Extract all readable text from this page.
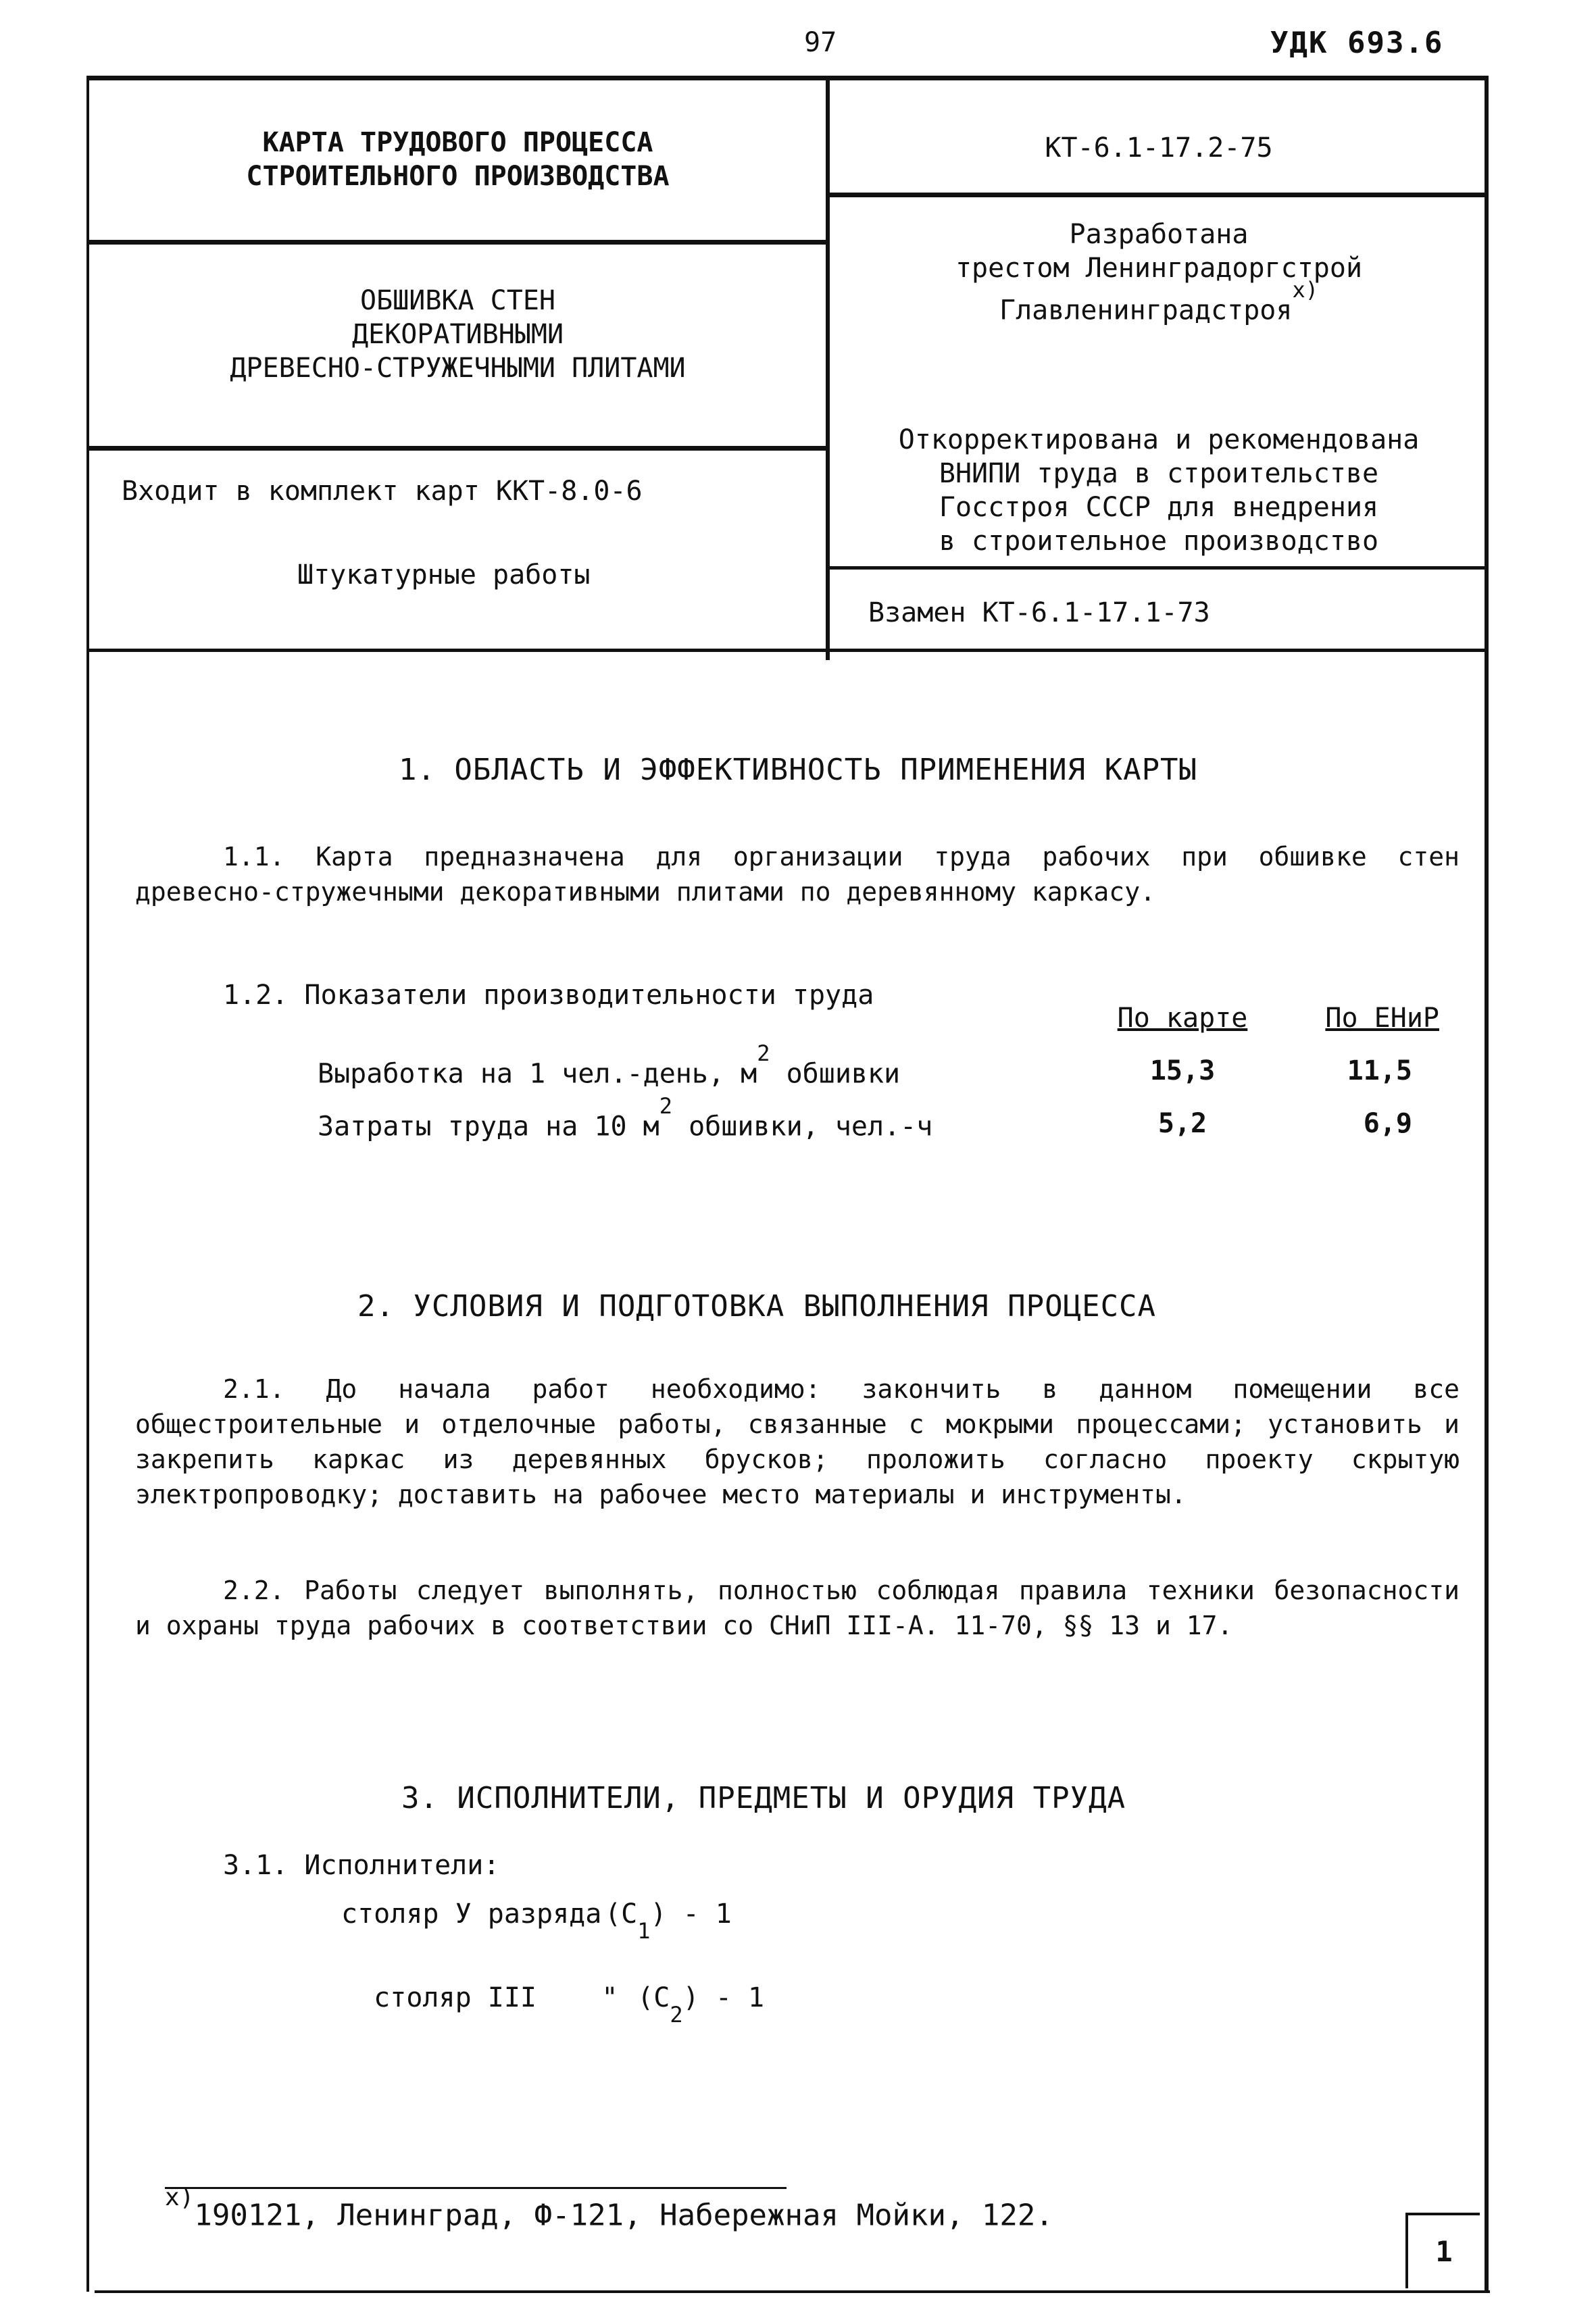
97	УДК 693.6
КАРТА ТРУДОВОГО ПРОЦЕССА
СТРОИТЕЛЬНОГО ПРОИЗВОДСТВА
ОБШИВКА СТЕН
ДЕКОРАТИВНЫМИ
ДРЕВЕСНО-СТРУЖЕЧНЫМИ ПЛИТАМИ
Входит в комплект карт ККТ-8.0-6
Штукатурные работы
КТ-6.1-17.2-75
Разработана
трестом Ленинградоргстрой
Главленинградстроя$^{х)}$
Откорректирована и рекомендована
ВНИПИ труда в строительстве
Госстроя СССР для внедрения
в строительное производство
Взамен КТ-6.1-17.1-73
1. ОБЛАСТЬ И ЭФФЕКТИВНОСТЬ ПРИМЕНЕНИЯ КАРТЫ
1.1. Карта предназначена для организации труда рабочих при обшивке стен древесно-стружечными декоративными плитами по деревянному каркасу.
1.2. Показатели производительности труда
	По карте	По ЕНиР
Выработка на 1 чел.-день, $м^2$ обшивки	15,3	11,5
Затраты труда на 10 $м^2$ обшивки, чел.-ч	5,2	6,9
2. УСЛОВИЯ И ПОДГОТОВКА ВЫПОЛНЕНИЯ ПРОЦЕССА
2.1. До начала работ необходимо: закончить в данном помещении все общестроительные и отделочные работы, связанные с мокрыми процессами; установить и закрепить каркас из деревянных брусков; проложить согласно проекту скрытую электропроводку; доставить на рабочее место материалы и инструменты.
2.2. Работы следует выполнять, полностью соблюдая правила техники безопасности и охраны труда рабочих в соответствии со СНиП III-А. 11-70, §§ 13 и 17.
3. ИСПОЛНИТЕЛИ, ПРЕДМЕТЫ И ОРУДИЯ ТРУДА
3.1. Исполнители:
столяр У разряда $(С_1) - 1$

столяр III    " $(С_2) - 1$

$^{х)}$190121, Ленинград, Ф-121, Набережная Мойки, 122.
1
